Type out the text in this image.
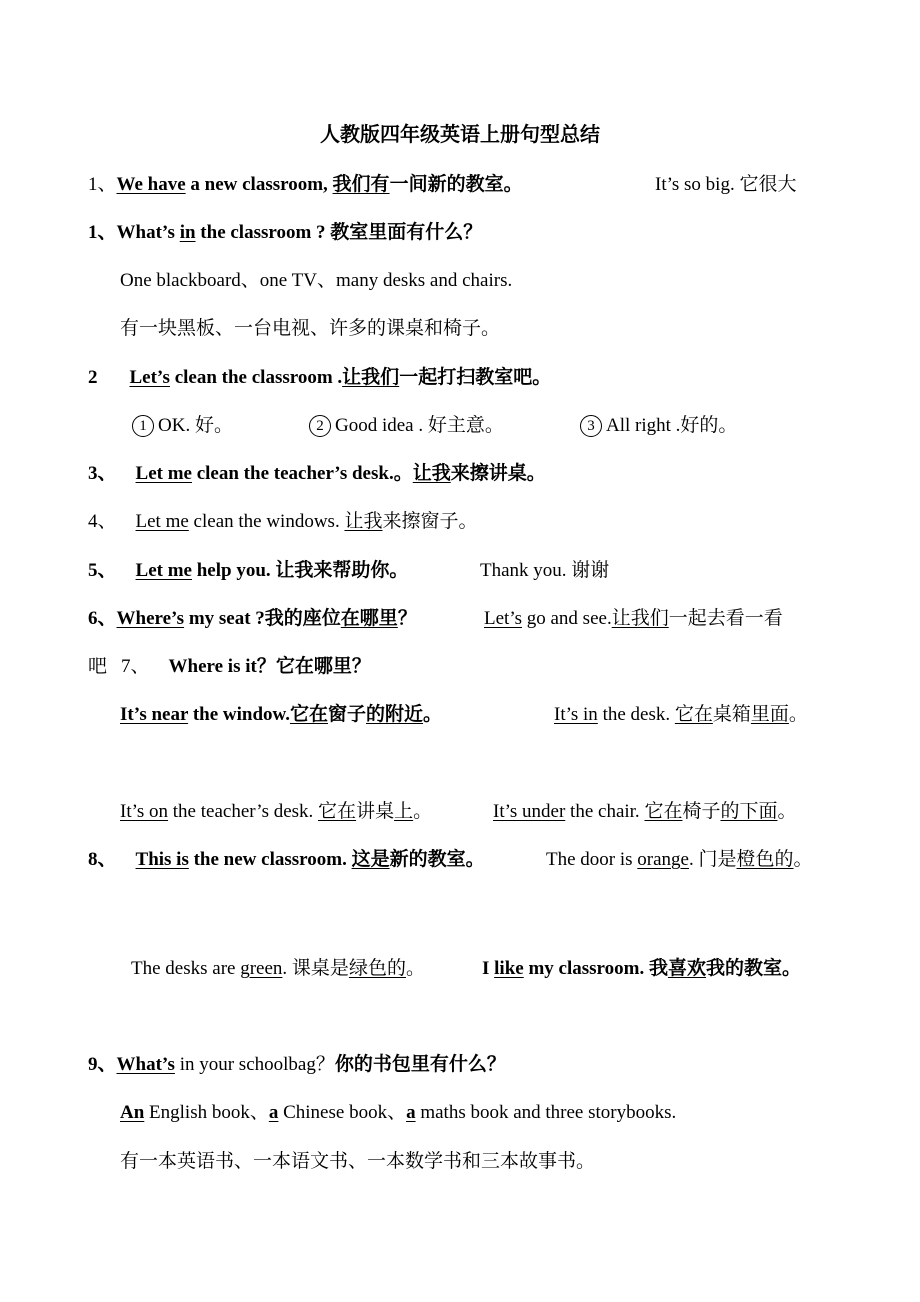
人教版四年级英语上册句型总结
1、We have a new classroom, 我们有一间新的教室。	It’s so big. 它很大
1、What’s in the classroom ? 教室里面有什么？
One blackboard、one TV、many desks and chairs.
有一块黑板、一台电视、许多的课桌和椅子。
2 Let’s clean the classroom .让我们一起打扫教室吧。
1 OK. 好。	2 Good idea . 好主意。	3 All right .好的。
3、 Let me clean the teacher’s desk.。让我来擦讲桌。
4、 Let me clean the windows. 让我来擦窗子。
5、 Let me help you. 让我来帮助你。	Thank you. 谢谢
6、Where’s my seat ?我的座位在哪里？	Let’s go and see.让我们一起去看一看
吧 7、 Where is it？它在哪里？
It’s near the window.它在窗子的附近。	It’s in the desk. 它在桌箱里面。
It’s on the teacher’s desk. 它在讲桌上。	It’s under the chair. 它在椅子的下面。
8、 This is the new classroom. 这是新的教室。	The door is orange. 门是橙色的。
The desks are green. 课桌是绿色的。	I like my classroom. 我喜欢我的教室。
9、What’s in your schoolbag？你的书包里有什么？
An English book、a Chinese book、a maths book and three storybooks.
有一本英语书、一本语文书、一本数学书和三本故事书。
